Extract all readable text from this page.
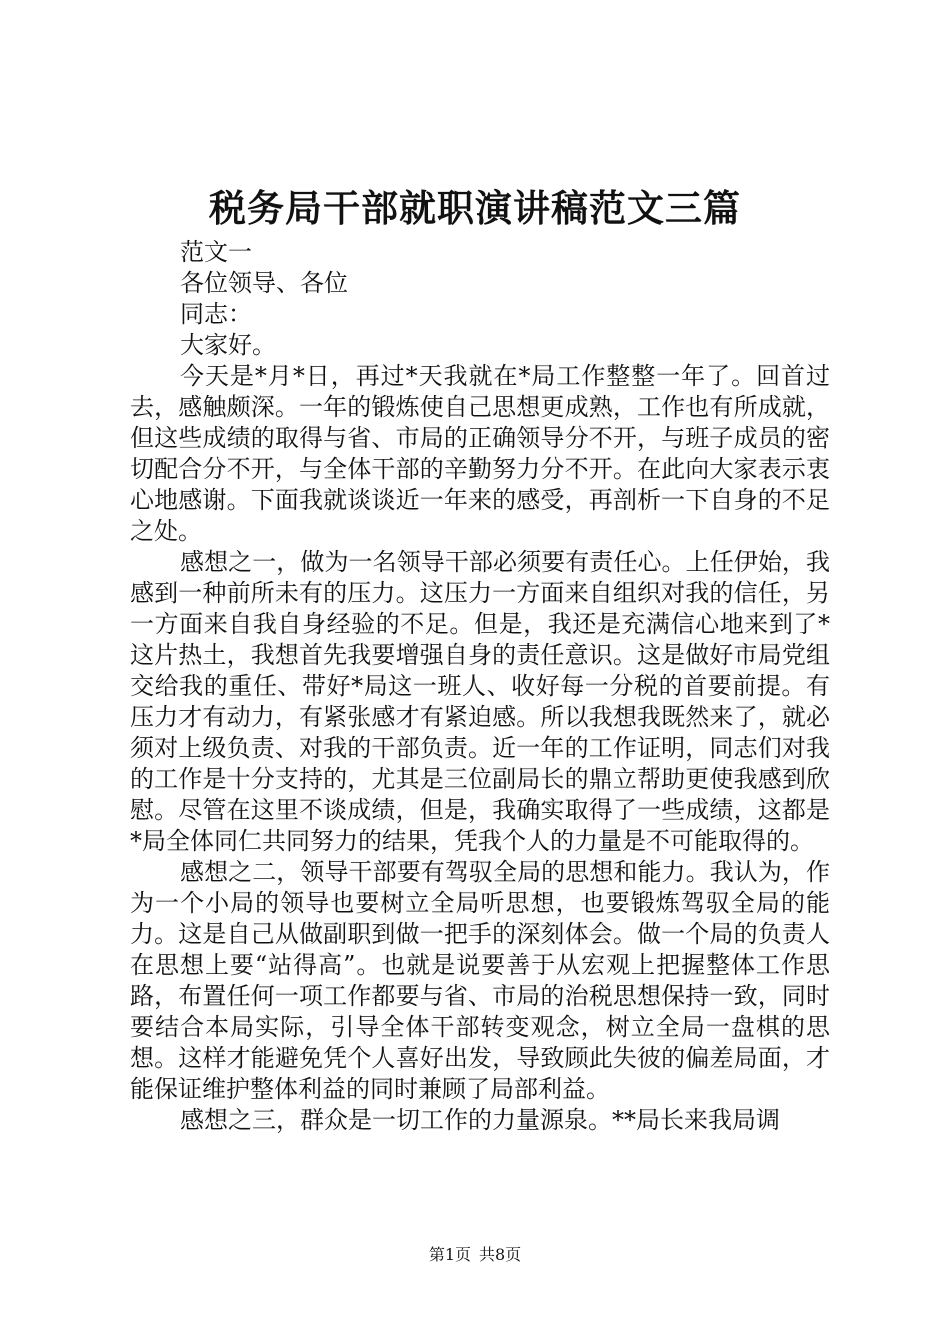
税务局干部就职演讲稿范文三篇

范文一

各位领导、各位

同志：

大家好。

今天是*月*日，再过*天我就在*局工作整整一年了。回首过去，感触颇深。一年的锻炼使自己思想更成熟，工作也有所成就，但这些成绩的取得与省、市局的正确领导分不开，与班子成员的密切配合分不开，与全体干部的辛勤努力分不开。在此向大家表示衷心地感谢。下面我就谈谈近一年来的感受，再剖析一下自身的不足之处。

感想之一，做为一名领导干部必须要有责任心。上任伊始，我感到一种前所未有的压力。这压力一方面来自组织对我的信任，另一方面来自我自身经验的不足。但是，我还是充满信心地来到了*这片热土，我想首先我要增强自身的责任意识。这是做好市局党组交给我的重任、带好*局这一班人、收好每一分税的首要前提。有压力才有动力，有紧张感才有紧迫感。所以我想我既然来了，就必须对上级负责、对我的干部负责。近一年的工作证明，同志们对我的工作是十分支持的，尤其是三位副局长的鼎立帮助更使我感到欣慰。尽管在这里不谈成绩，但是，我确实取得了一些成绩，这都是*局全体同仁共同努力的结果，凭我个人的力量是不可能取得的。

感想之二，领导干部要有驾驭全局的思想和能力。我认为，作为一个小局的领导也要树立全局听思想，也要锻炼驾驭全局的能力。这是自己从做副职到做一把手的深刻体会。做一个局的负责人在思想上要“站得高”。也就是说要善于从宏观上把握整体工作思路，布置任何一项工作都要与省、市局的治税思想保持一致，同时要结合本局实际，引导全体干部转变观念，树立全局一盘棋的思想。这样才能避免凭个人喜好出发，导致顾此失彼的偏差局面，才能保证维护整体利益的同时兼顾了局部利益。

感想之三，群众是一切工作的力量源泉。**局长来我局调

第1页 共8页
